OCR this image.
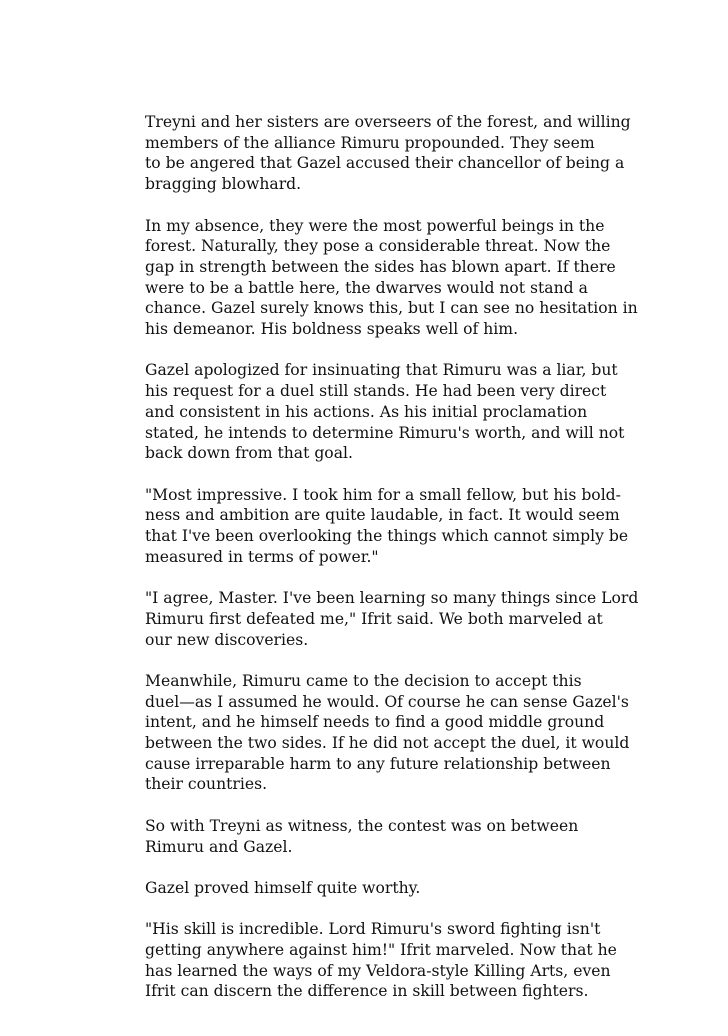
Treyni and her sisters are overseers of the forest, and willing
members of the alliance Rimuru propounded. They seem
to be angered that Gazel accused their chancellor of being a
bragging blowhard.

In my absence, they were the most powerful beings in the
forest. Naturally, they pose a considerable threat. Now the
gap in strength between the sides has blown apart. If there
were to be a battle here, the dwarves would not stand a
chance. Gazel surely knows this, but I can see no hesitation in
his demeanor. His boldness speaks well of him.

Gazel apologized for insinuating that Rimuru was a liar, but
his request for a duel still stands. He had been very direct
and consistent in his actions. As his initial proclamation
stated, he intends to determine Rimuru's worth, and will not
back down from that goal.

"Most impressive. I took him for a small fellow, but his bold-
ness and ambition are quite laudable, in fact. It would seem
that I've been overlooking the things which cannot simply be
measured in terms of power."

"I agree, Master. I've been learning so many things since Lord
Rimuru first defeated me," Ifrit said. We both marveled at
our new discoveries.

Meanwhile, Rimuru came to the decision to accept this
duel—as I assumed he would. Of course he can sense Gazel's
intent, and he himself needs to find a good middle ground
between the two sides. If he did not accept the duel, it would
cause irreparable harm to any future relationship between
their countries.

So with Treyni as witness, the contest was on between
Rimuru and Gazel.

Gazel proved himself quite worthy.

"His skill is incredible. Lord Rimuru's sword fighting isn't
getting anywhere against him!" Ifrit marveled. Now that he
has learned the ways of my Veldora-style Killing Arts, even
Ifrit can discern the difference in skill between fighters.
